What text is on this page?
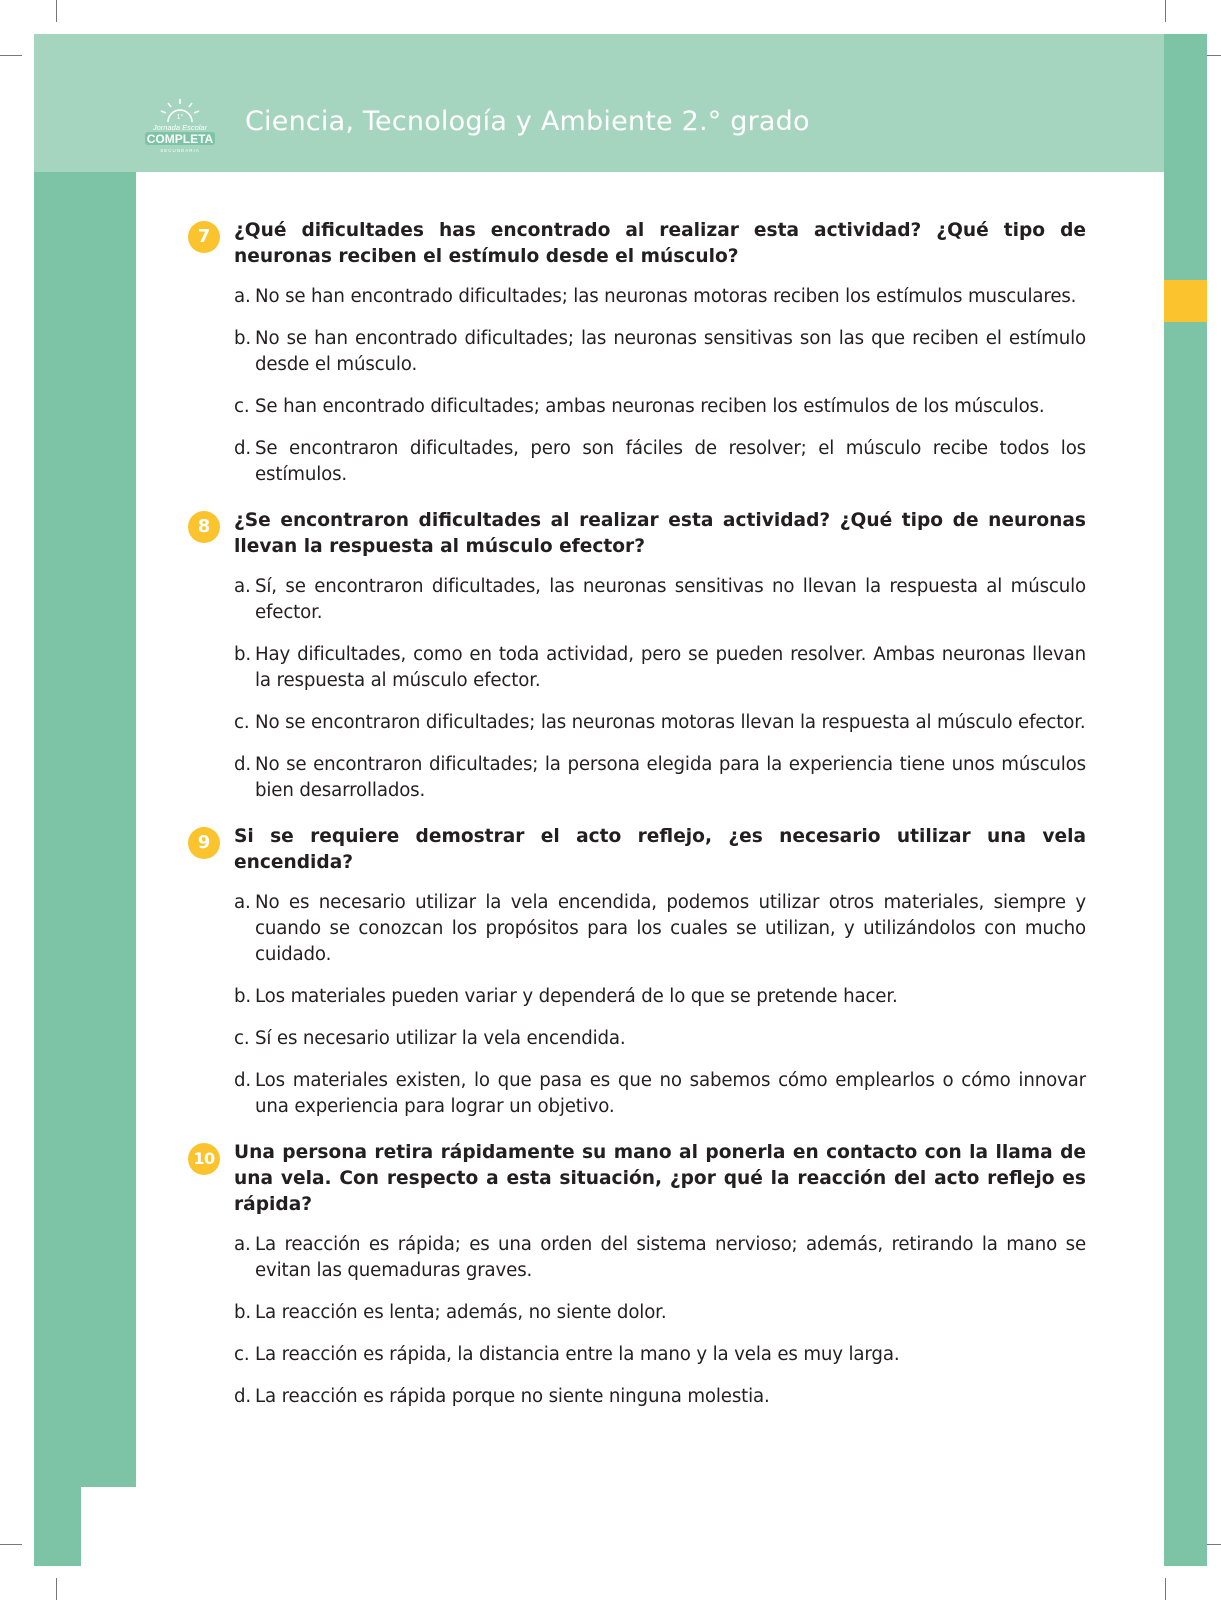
1°
Jornada Escolar
COMPLETA
SECUNDARIA
Ciencia, Tecnología y Ambiente 2.° grado
7	¿Qué dificultades has encontrado al realizar esta actividad? ¿Qué tipo de neuronas reciben el estímulo desde el músculo?
a. No se han encontrado dificultades; las neuronas motoras reciben los estímulos musculares.
b. No se han encontrado dificultades; las neuronas sensitivas son las que reciben el estímulo desde el músculo.
c. Se han encontrado dificultades; ambas neuronas reciben los estímulos de los músculos.
d. Se encontraron dificultades, pero son fáciles de resolver; el músculo recibe todos los estímulos.
8	¿Se encontraron dificultades al realizar esta actividad? ¿Qué tipo de neuronas llevan la respuesta al músculo efector?
a. Sí, se encontraron dificultades, las neuronas sensitivas no llevan la respuesta al músculo efector.
b. Hay dificultades, como en toda actividad, pero se pueden resolver. Ambas neuronas llevan la respuesta al músculo efector.
c. No se encontraron dificultades; las neuronas motoras llevan la respuesta al músculo efector.
d. No se encontraron dificultades; la persona elegida para la experiencia tiene unos músculos bien desarrollados.
9	Si se requiere demostrar el acto reflejo, ¿es necesario utilizar una vela encendida?
a. No es necesario utilizar la vela encendida, podemos utilizar otros materiales, siempre y cuando se conozcan los propósitos para los cuales se utilizan, y utilizándolos con mucho cuidado.
b. Los materiales pueden variar y dependerá de lo que se pretende hacer.
c. Sí es necesario utilizar la vela encendida.
d. Los materiales existen, lo que pasa es que no sabemos cómo emplearlos o cómo innovar una experiencia para lograr un objetivo.
10 Una persona retira rápidamente su mano al ponerla en contacto con la llama de una vela. Con respecto a esta situación, ¿por qué la reacción del acto reflejo es rápida?
a. La reacción es rápida; es una orden del sistema nervioso; además, retirando la mano se evitan las quemaduras graves.
b. La reacción es lenta; además, no siente dolor.
c. La reacción es rápida, la distancia entre la mano y la vela es muy larga.
d. La reacción es rápida porque no siente ninguna molestia.
138
